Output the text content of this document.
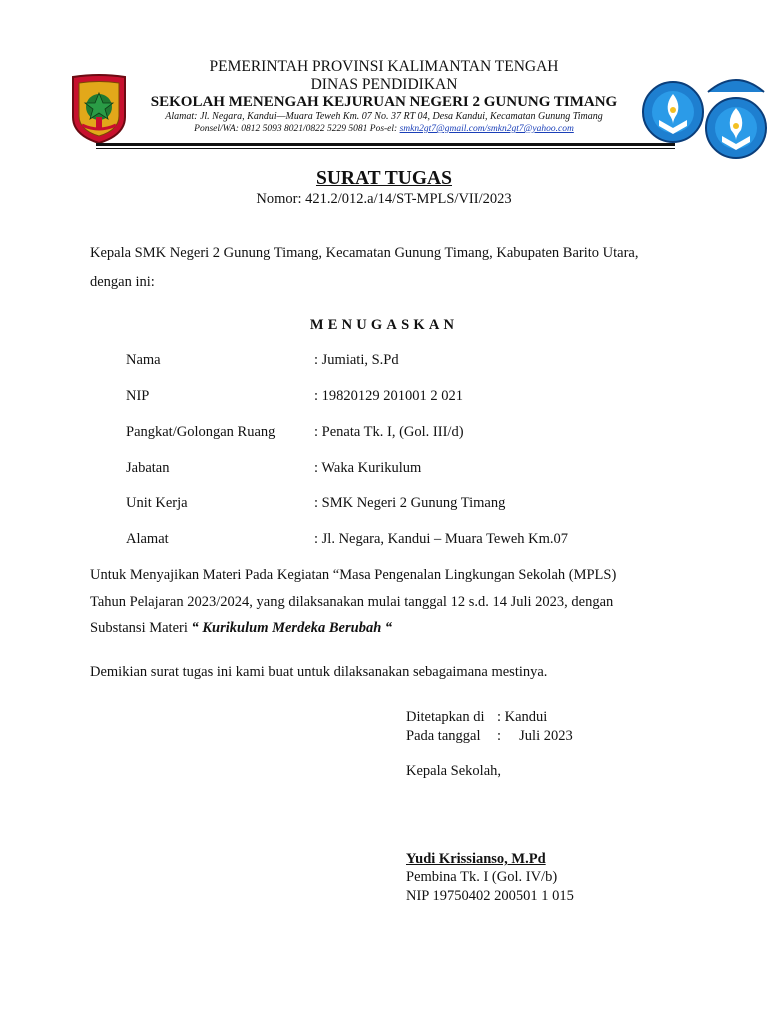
PEMERINTAH PROVINSI KALIMANTAN TENGAH
DINAS PENDIDIKAN
SEKOLAH MENENGAH KEJURUAN NEGERI 2 GUNUNG TIMANG
Alamat: Jl. Negara, Kandui—Muara Teweh Km. 07 No. 37 RT 04, Desa Kandui, Kecamatan Gunung Timang
Ponsel/WA: 0812 5093 8021/0822 5229 5081 Pos-el: smkn2gt7@gmail.com/smkn2gt7@yahoo.com
SURAT TUGAS
Nomor: 421.2/012.a/14/ST-MPLS/VII/2023
Kepala SMK Negeri 2 Gunung Timang, Kecamatan Gunung Timang, Kabupaten Barito Utara,
dengan ini:
MENUGASKAN
Nama	: Jumiati, S.Pd
NIP	: 19820129 201001 2 021
Pangkat/Golongan Ruang	: Penata Tk. I, (Gol. III/d)
Jabatan	: Waka Kurikulum
Unit Kerja	: SMK Negeri 2 Gunung Timang
Alamat	: Jl. Negara, Kandui – Muara Teweh Km.07
Untuk Menyajikan Materi Pada Kegiatan “Masa Pengenalan Lingkungan Sekolah (MPLS)
Tahun Pelajaran 2023/2024, yang dilaksanakan mulai tanggal 12 s.d. 14 Juli 2023, dengan
Substansi Materi “ Kurikulum Merdeka Berubah “
Demikian surat tugas ini kami buat untuk dilaksanakan sebagaimana mestinya.
Ditetapkan di : Kandui
Pada tanggal :     Juli 2023
Kepala Sekolah,
Yudi Krissianso, M.Pd
Pembina Tk. I (Gol. IV/b)
NIP 19750402 200501 1 015
